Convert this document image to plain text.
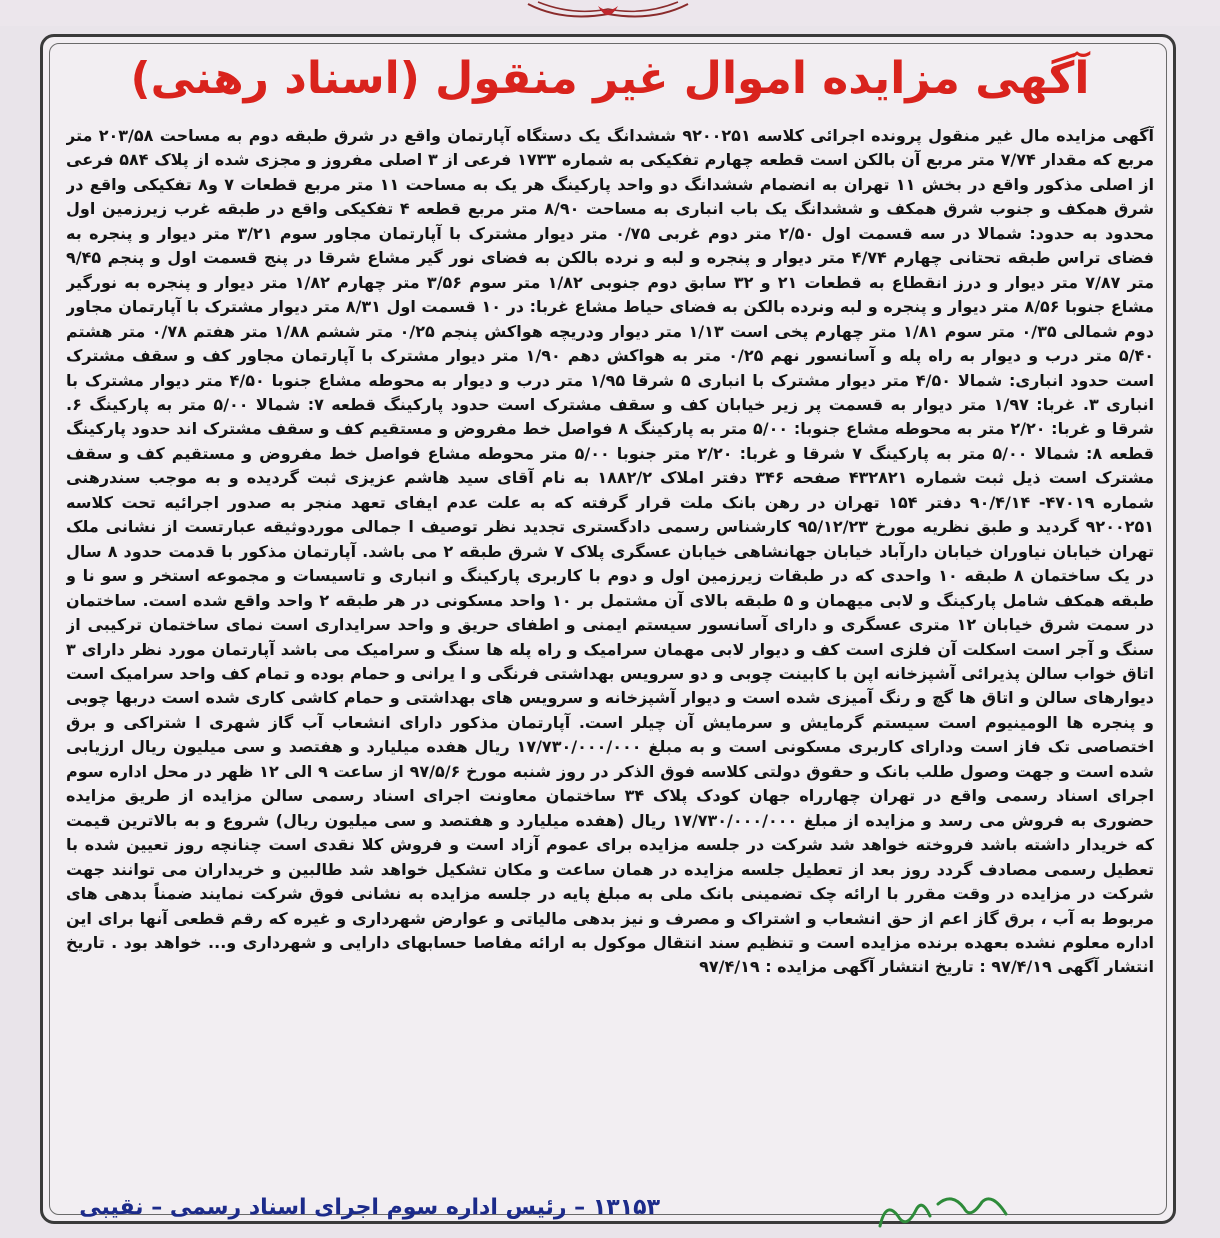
آگهی مزایده اموال غیر منقول (اسناد رهنی)

آگهی مزایده مال غیر منقول پرونده اجرائی کلاسه ۹۲۰۰۲۵۱ ششدانگ یک دستگاه آپارتمان واقع در شرق طبقه دوم به مساحت ۲۰۳/۵۸ متر مربع که مقدار ۷/۷۴ متر مربع آن بالکن است قطعه چهارم تفکیکی به شماره ۱۷۳۳ فرعی از ۳ اصلی مفروز و مجزی شده از پلاک ۵۸۴ فرعی از اصلی مذکور واقع در بخش ۱۱ تهران به انضمام ششدانگ دو واحد پارکینگ هر یک به مساحت ۱۱ متر مربع قطعات ۷ و۸ تفکیکی واقع در شرق همکف و جنوب شرق همکف و ششدانگ یک باب انباری به مساحت ۸/۹۰ متر مربع قطعه ۴ تفکیکی واقع در طبقه غرب زیرزمین اول محدود به حدود: شمالا در سه قسمت اول ۲/۵۰ متر دوم غربی ۰/۷۵ متر دیوار مشترک با آپارتمان مجاور سوم ۳/۲۱ متر دیوار و پنجره به فضای تراس طبقه تحتانی چهارم ۴/۷۴ متر دیوار و پنجره و لبه و نرده بالکن به فضای نور گیر مشاع شرقا در پنج قسمت اول و پنجم ۹/۴۵ متر ۷/۸۷ متر دیوار و درز انقطاع به قطعات ۲۱ و ۳۲ سابق دوم جنوبی ۱/۸۲ متر سوم ۳/۵۶ متر چهارم ۱/۸۲ متر دیوار و پنجره به نورگیر مشاع جنوبا ۸/۵۶ متر دیوار و پنجره و لبه ونرده بالکن به فضای حیاط مشاع غربا: در ۱۰ قسمت اول ۸/۳۱ متر دیوار مشترک با آپارتمان مجاور دوم شمالی ۰/۳۵ متر سوم ۱/۸۱ متر چهارم پخی است ۱/۱۳ متر دیوار ودریچه هواکش پنجم ۰/۲۵ متر ششم ۱/۸۸ متر هفتم ۰/۷۸ متر هشتم ۵/۴۰ متر درب و دیوار به راه پله و آسانسور نهم ۰/۲۵ متر به هواکش دهم ۱/۹۰ متر دیوار مشترک با آپارتمان مجاور کف و سقف مشترک است حدود انباری: شمالا ۴/۵۰ متر دیوار مشترک با انباری ۵ شرقا ۱/۹۵ متر درب و دیوار به محوطه مشاع جنوبا ۴/۵۰ متر دیوار مشترک با انباری ۳. غربا: ۱/۹۷ متر دیوار به قسمت پر زیر خیابان کف و سقف مشترک است حدود پارکینگ قطعه ۷: شمالا ۵/۰۰ متر به پارکینگ ۶. شرقا و غربا: ۲/۲۰ متر به محوطه مشاع جنوبا: ۵/۰۰ متر به پارکینگ ۸ فواصل خط مفروض و مستقیم کف و سقف مشترک اند حدود پارکینگ قطعه ۸: شمالا ۵/۰۰ متر به پارکینگ ۷ شرقا و غربا: ۲/۲۰ متر جنوبا ۵/۰۰ متر محوطه مشاع فواصل خط مفروض و مستقیم کف و سقف مشترک است ذیل ثبت شماره ۴۳۲۸۲۱ صفحه ۳۴۶ دفتر املاک ۱۸۸۲/۲ به نام آقای سید هاشم عزیزی ثبت گردیده و به موجب سندرهنی شماره ۴۷۰۱۹- ۹۰/۴/۱۴ دفتر ۱۵۴ تهران در رهن بانک ملت قرار گرفته که به علت عدم ایفای تعهد منجر به صدور اجرائیه تحت کلاسه ۹۲۰۰۲۵۱ گردید و طبق نظریه مورخ ۹۵/۱۲/۲۳ کارشناس رسمی دادگستری تجدید نظر توصیف ا جمالی موردوثیقه عبارتست از نشانی ملک تهران خیابان نیاوران خیابان دارآباد خیابان جهانشاهی خیابان عسگری پلاک ۷ شرق طبقه ۲ می باشد. آپارتمان مذکور با قدمت حدود ۸ سال در یک ساختمان ۸ طبقه ۱۰ واحدی که در طبقات زیرزمین اول و دوم با کاربری پارکینگ و انباری و تاسیسات و مجموعه استخر و سو نا و طبقه همکف شامل پارکینگ و لابی میهمان و ۵ طبقه بالای آن مشتمل بر ۱۰ واحد مسکونی در هر طبقه ۲ واحد واقع شده است. ساختمان در سمت شرق خیابان ۱۲ متری عسگری و دارای آسانسور سیستم ایمنی و اطفای حریق و واحد سرایداری است نمای ساختمان ترکیبی از سنگ و آجر است اسکلت آن فلزی است کف و دیوار لابی مهمان سرامیک و راه پله ها سنگ و سرامیک می باشد آپارتمان مورد نظر دارای ۳ اتاق خواب سالن پذیرائی آشپزخانه اپن با کابینت چوبی و دو سرویس بهداشتی فرنگی و ا یرانی و حمام بوده و تمام کف واحد سرامیک است دیوارهای سالن و اتاق ها گچ و رنگ آمیزی شده است و دیوار آشپزخانه و سرویس های بهداشتی و حمام کاشی کاری شده است دربها چوبی و پنجره ها الومینیوم است سیستم گرمایش و سرمایش آن چیلر است. آپارتمان مذکور دارای انشعاب آب گاز شهری ا شتراکی و برق اختصاصی تک فاز است ودارای کاربری مسکونی است و به مبلغ ۱۷/۷۳۰/۰۰۰/۰۰۰ ریال هفده میلیارد و هفتصد و سی میلیون ریال ارزیابی شده است و جهت وصول طلب بانک و حقوق دولتی کلاسه فوق الذکر در روز شنبه مورخ ۹۷/۵/۶ از ساعت ۹ الی ۱۲ ظهر در محل اداره سوم اجرای اسناد رسمی واقع در تهران چهارراه جهان کودک پلاک ۳۴ ساختمان معاونت اجرای اسناد رسمی سالن مزایده از طریق مزایده حضوری به فروش می رسد و مزایده از مبلغ ۱۷/۷۳۰/۰۰۰/۰۰۰ ریال (هفده میلیارد و هفتصد و سی میلیون ریال) شروع و به بالاترین قیمت که خریدار داشته باشد فروخته خواهد شد شرکت در جلسه مزایده برای عموم آزاد است و فروش کلا نقدی است چنانچه روز تعیین شده با تعطیل رسمی مصادف گردد روز بعد از تعطیل جلسه مزایده در همان ساعت و مکان تشکیل خواهد شد طالبین و خریداران می توانند جهت شرکت در مزایده در وقت مقرر با ارائه چک تضمینی بانک ملی به مبلغ پایه در جلسه مزایده به نشانی فوق شرکت نمایند ضمناً بدهی های مربوط به آب ، برق گاز اعم از حق انشعاب و اشتراک و مصرف و نیز بدهی مالیاتی و عوارض شهرداری و غیره که رقم قطعی آنها برای این اداره معلوم نشده بعهده برنده مزایده است و تنظیم سند انتقال موکول به ارائه مفاصا حسابهای دارایی و شهرداری و... خواهد بود . تاریخ انتشار آگهی ۹۷/۴/۱۹ : تاریخ انتشار آگهی مزایده : ۹۷/۴/۱۹

۱۳۱۵۳ – رئیس اداره سوم اجرای اسناد رسمی – نقیبی
